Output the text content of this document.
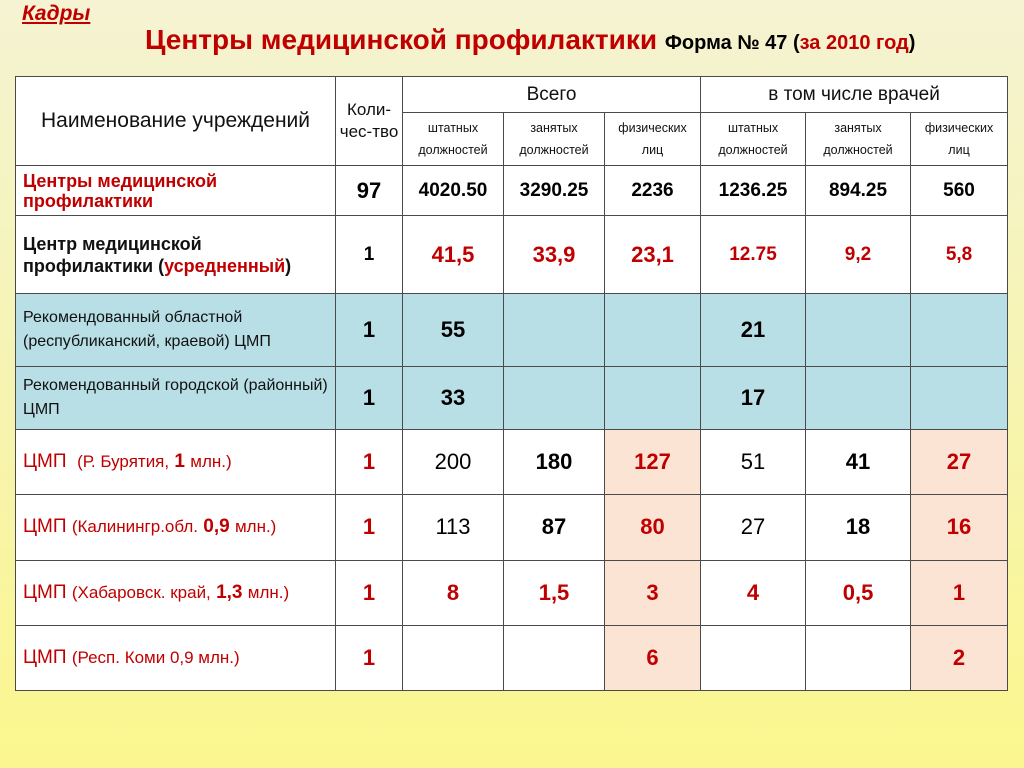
Кадры
Центры медицинской профилактики Форма № 47 (за 2010 год)
Наименование учреждений	Коли-чес-тво	Всего			в том числе врачей		
		штатных должностей	занятых должностей	физических лиц	штатных должностей	занятых должностей	физических лиц
Центры медицинской профилактики	97	4020.50	3290.25	2236	1236.25	894.25	560
Центр медицинской профилактики (усредненный)	1	41,5	33,9	23,1	12.75	9,2	5,8
Рекомендованный областной (республиканский, краевой) ЦМП	1	55			21		
Рекомендованный городской (районный) ЦМП	1	33			17		
ЦМП (Р. Бурятия, 1 млн.)	1	200	180	127	51	41	27
ЦМП (Калинингр.обл. 0,9 млн.)	1	113	87	80	27	18	16
ЦМП (Хабаровск. край, 1,3 млн.)	1	8	1,5	3	4	0,5	1
ЦМП (Респ. Коми 0,9 млн.)	1			6			2
